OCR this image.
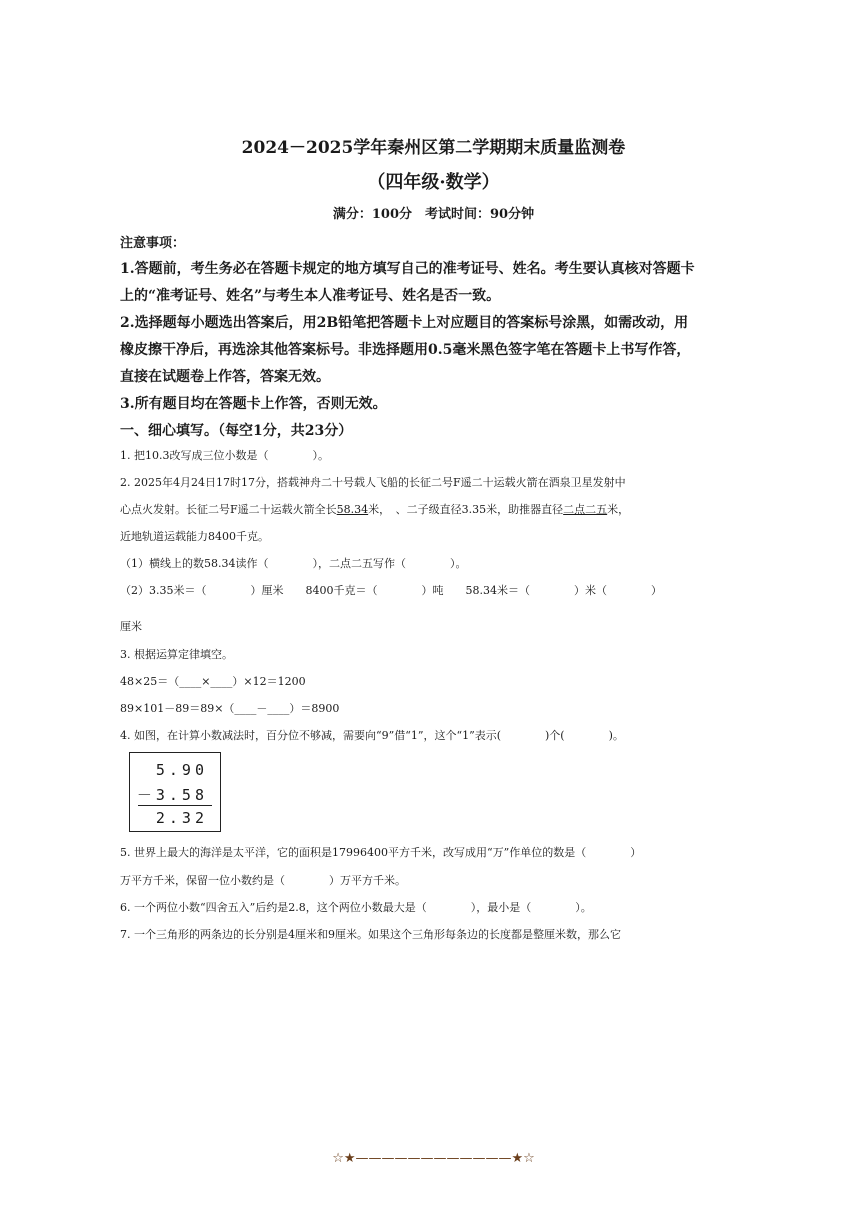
2024－2025学年秦州区第二学期期末质量监测卷
（四年级·数学）
满分：100分　考试时间：90分钟
注意事项：
1.答题前，考生务必在答题卡规定的地方填写自己的准考证号、姓名。考生要认真核对答题卡
上的“准考证号、姓名”与考生本人准考证号、姓名是否一致。
2.选择题每小题选出答案后，用2B铅笔把答题卡上对应题目的答案标号涂黑，如需改动，用
橡皮擦干净后，再选涂其他答案标号。非选择题用0.5毫米黑色签字笔在答题卡上书写作答，
直接在试题卷上作答，答案无效。
3.所有题目均在答题卡上作答，否则无效。
一、细心填写。（每空1分，共23分）
1. 把10.3改写成三位小数是（　　　　）。
2. 2025年4月24日17时17分，搭载神舟二十号载人飞船的长征二号F遥二十运载火箭在酒泉卫星发射中
心点火发射。长征二号F遥二十运载火箭全长58.34米，　、二子级直径3.35米，助推器直径二点二五米，
近地轨道运载能力8400千克。
（1）横线上的数58.34读作（　　　　），二点二五写作（　　　　）。
（2）3.35米＝（　　　　）厘米　　8400千克＝（　　　　）吨　　58.34米＝（　　　　）米（　　　　）
厘米
3. 根据运算定律填空。
48×25＝（____×____）×12＝1200
89×101－89＝89×（____－____）＝8900
4. 如图，在计算小数减法时，百分位不够减，需要向“9”借“1”，这个“1”表示(　　　　)个(　　　　)。
5.90
－3.58
2.32
5. 世界上最大的海洋是太平洋，它的面积是17996400平方千米，改写成用“万”作单位的数是（　　　　）
万平方千米，保留一位小数约是（　　　　）万平方千米。
6. 一个两位小数“四舍五入”后约是2.8，这个两位小数最大是（　　　　），最小是（　　　　）。
7. 一个三角形的两条边的长分别是4厘米和9厘米。如果这个三角形每条边的长度都是整厘米数，那么它
☆★————————————★☆
